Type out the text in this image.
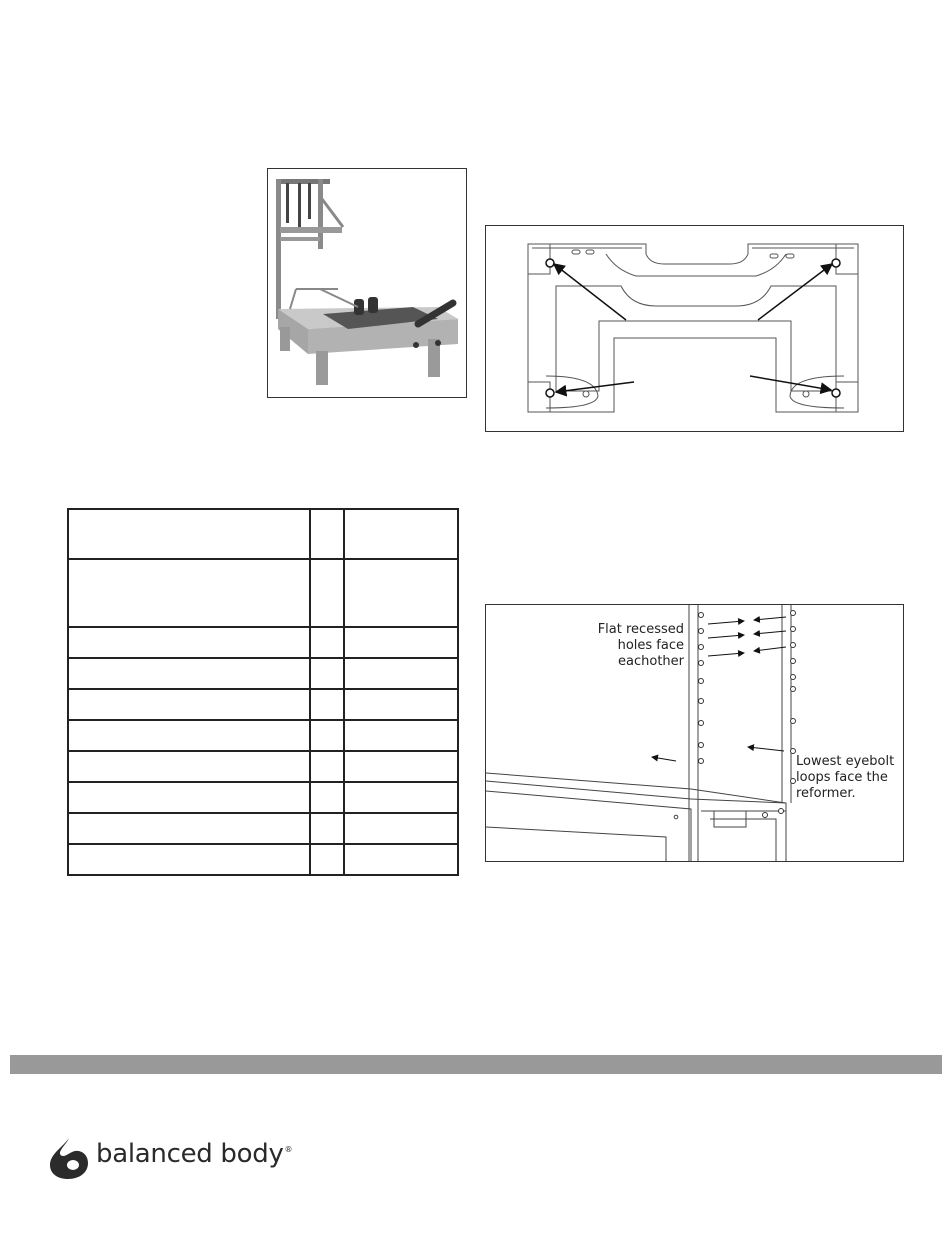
Flat recessed
holes face
eachother
Lowest eyebolt
loops face the
reformer.
balanced body®
